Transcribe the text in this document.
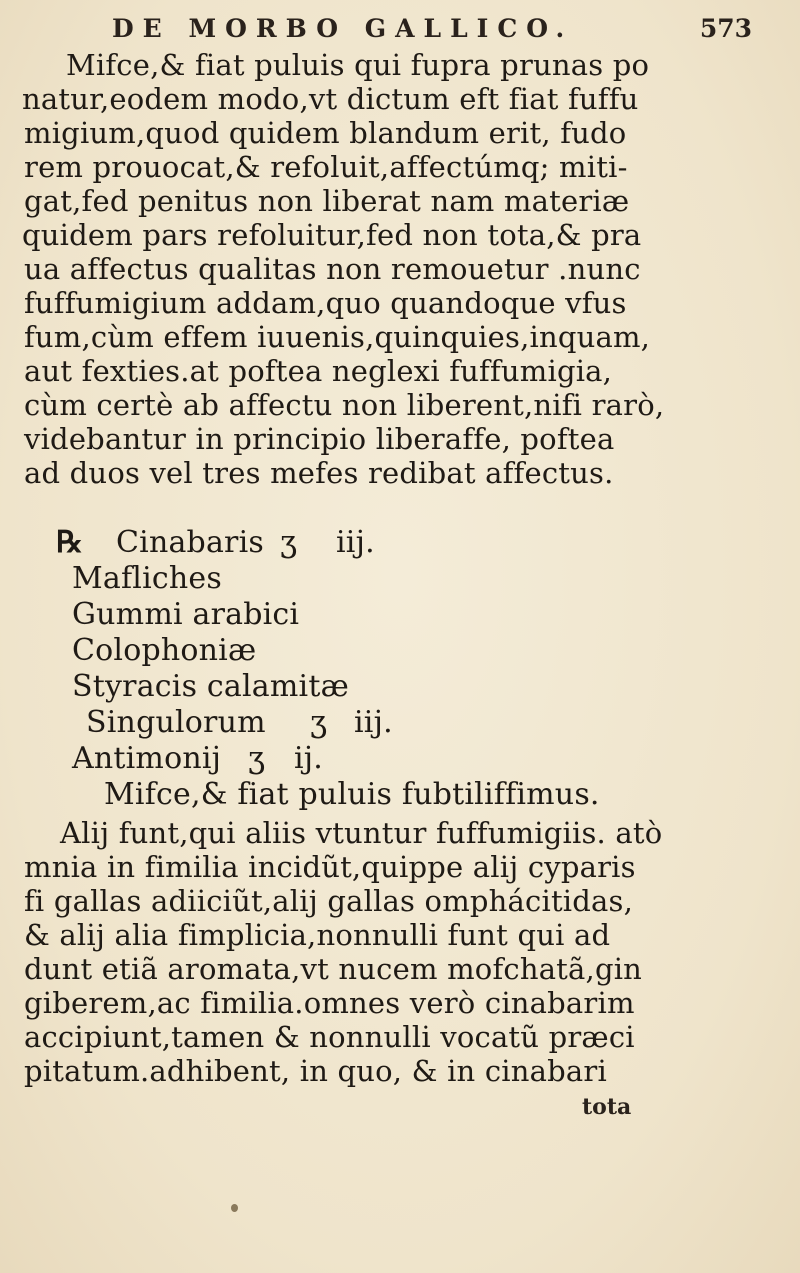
DE MORBO GALLICO.	573
Mifce,& fiat puluis qui fupra prunas po
natur,eodem modo,vt dictum eft fiat fuffu
migium,quod quidem blandum erit, fudo
rem prouocat,& refoluit,affectúmq; miti-
gat,fed penitus non liberat nam materiæ
quidem pars refoluitur,fed non tota,& pra
ua affectus qualitas non remouetur .nunc
fuffumigium addam,quo quandoque vfus
fum,cùm effem iuuenis,quinquies,inquam,
aut fexties.at poftea neglexi fuffumigia,
cùm certè ab affectu non liberent,nifi rarò,
videbantur in principio liberaffe, poftea
ad duos vel tres mefes redibat affectus.
℞ Cinabaris ʒ iij.
Mafliches
Gummi arabici
Colophoniæ
Styracis calamitæ
Singulorum ʒ iij.
Antimonij ʒ ij.
Mifce,& fiat puluis fubtiliffimus.
Alij funt,qui aliis vtuntur fuffumigiis. atò
mnia in fimilia incidũt,quippe alij cyparis
fi gallas adiiciũt,alij gallas omphácitidas,
& alij alia fimplicia,nonnulli funt qui ad
dunt etiã aromata,vt nucem mofchatã,gin
giberem,ac fimilia.omnes verò cinabarim
accipiunt,tamen & nonnulli vocatũ præci
pitatum.adhibent, in quo, & in cinabari
tota
